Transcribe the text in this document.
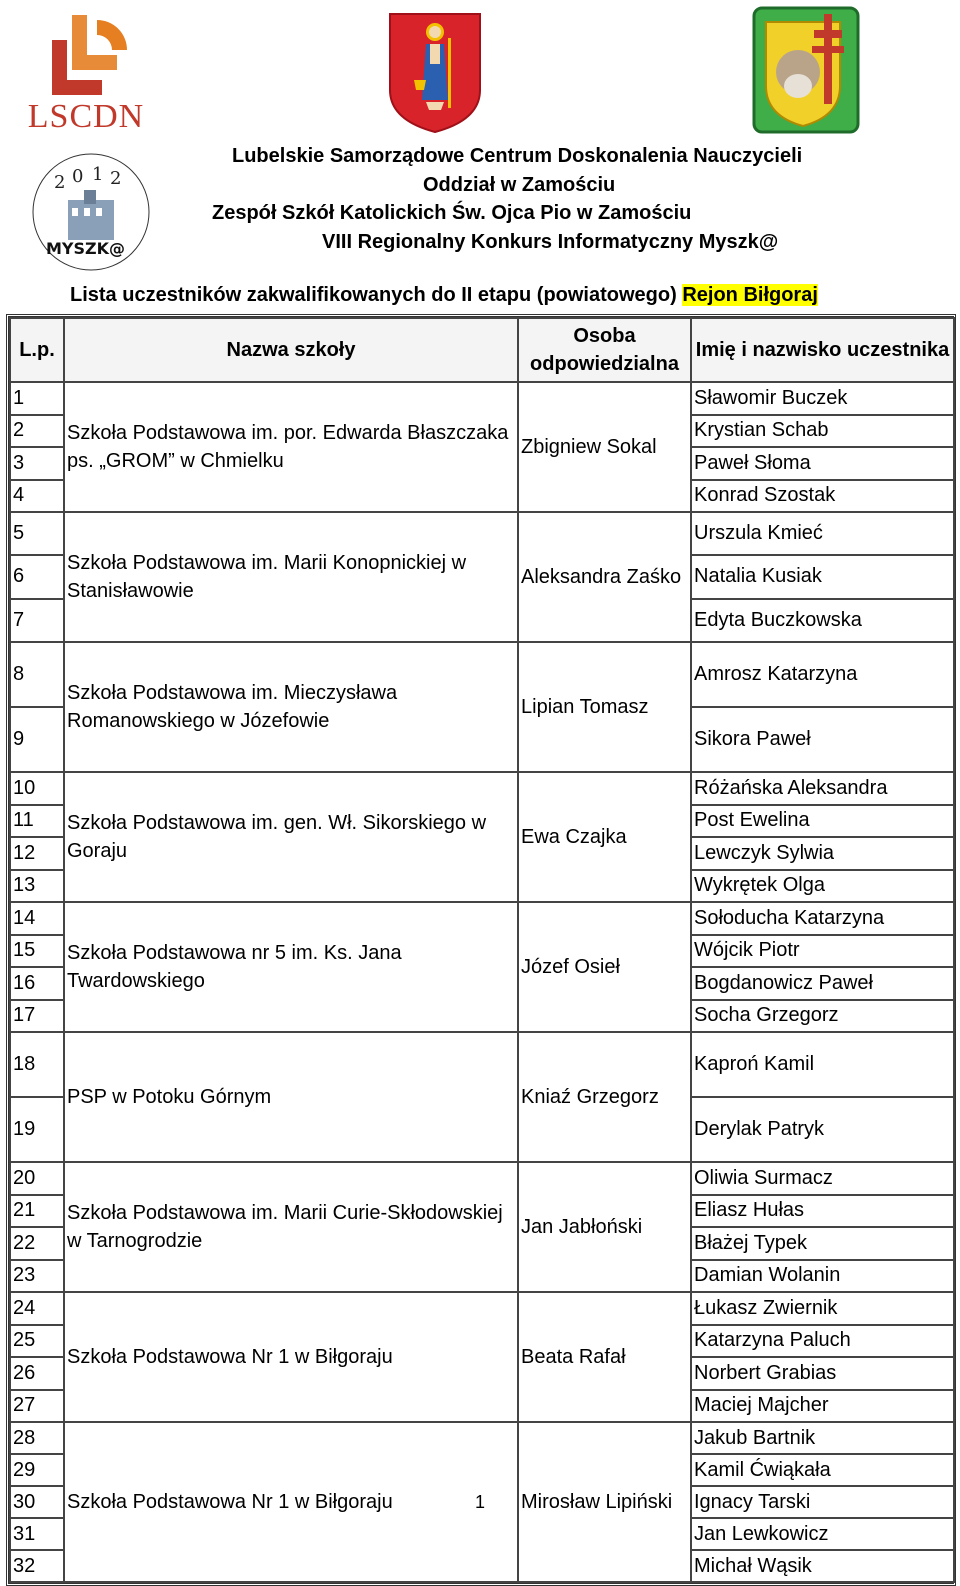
LSCDN
2 0 1 2
MYSZK@
Lubelskie Samorządowe Centrum Doskonalenia Nauczycieli
Oddział w Zamościu
Zespół Szkół Katolickich Św. Ojca Pio w Zamościu
VIII Regionalny Konkurs Informatyczny Myszk@
Lista uczestników zakwalifikowanych do II etapu (powiatowego) Rejon Biłgoraj
L.p.	Nazwa szkoły	Osoba odpowiedzialna	Imię i nazwisko uczestnika
1	Szkoła Podstawowa im. por. Edwarda Błaszczaka ps. „GROM” w Chmielku	Zbigniew Sokal	Sławomir Buczek
2			Krystian Schab
3			Paweł Słoma
4			Konrad Szostak
5	Szkoła Podstawowa im. Marii Konopnickiej w Stanisławowie	Aleksandra Zaśko	Urszula Kmieć
6			Natalia Kusiak
7			Edyta Buczkowska
8	Szkoła Podstawowa im. Mieczysława Romanowskiego w Józefowie	Lipian Tomasz	Amrosz Katarzyna
9			Sikora Paweł
10	Szkoła Podstawowa im. gen. Wł. Sikorskiego w Goraju	Ewa Czajka	Różańska Aleksandra
11			Post Ewelina
12			Lewczyk Sylwia
13			Wykrętek Olga
14	Szkoła Podstawowa nr 5 im. Ks. Jana Twardowskiego	Józef Osieł	Sołoducha Katarzyna
15			Wójcik Piotr
16			Bogdanowicz Paweł
17			Socha Grzegorz
18	PSP w Potoku Górnym	Kniaź Grzegorz	Kaproń Kamil
19			Derylak Patryk
20	Szkoła Podstawowa im. Marii Curie-Skłodowskiej w Tarnogrodzie	Jan Jabłoński	Oliwia Surmacz
21			Eliasz Hułas
22			Błażej Typek
23			Damian Wolanin
24	Szkoła Podstawowa Nr 1 w Biłgoraju	Beata Rafał	Łukasz Zwiernik
25			Katarzyna Paluch
26			Norbert Grabias
27			Maciej Majcher
28	Szkoła Podstawowa Nr 1 w Biłgoraju	Mirosław Lipiński	Jakub Bartnik
29			Kamil Ćwiąkała
30			Ignacy Tarski
31			Jan Lewkowicz
32			Michał Wąsik
1
